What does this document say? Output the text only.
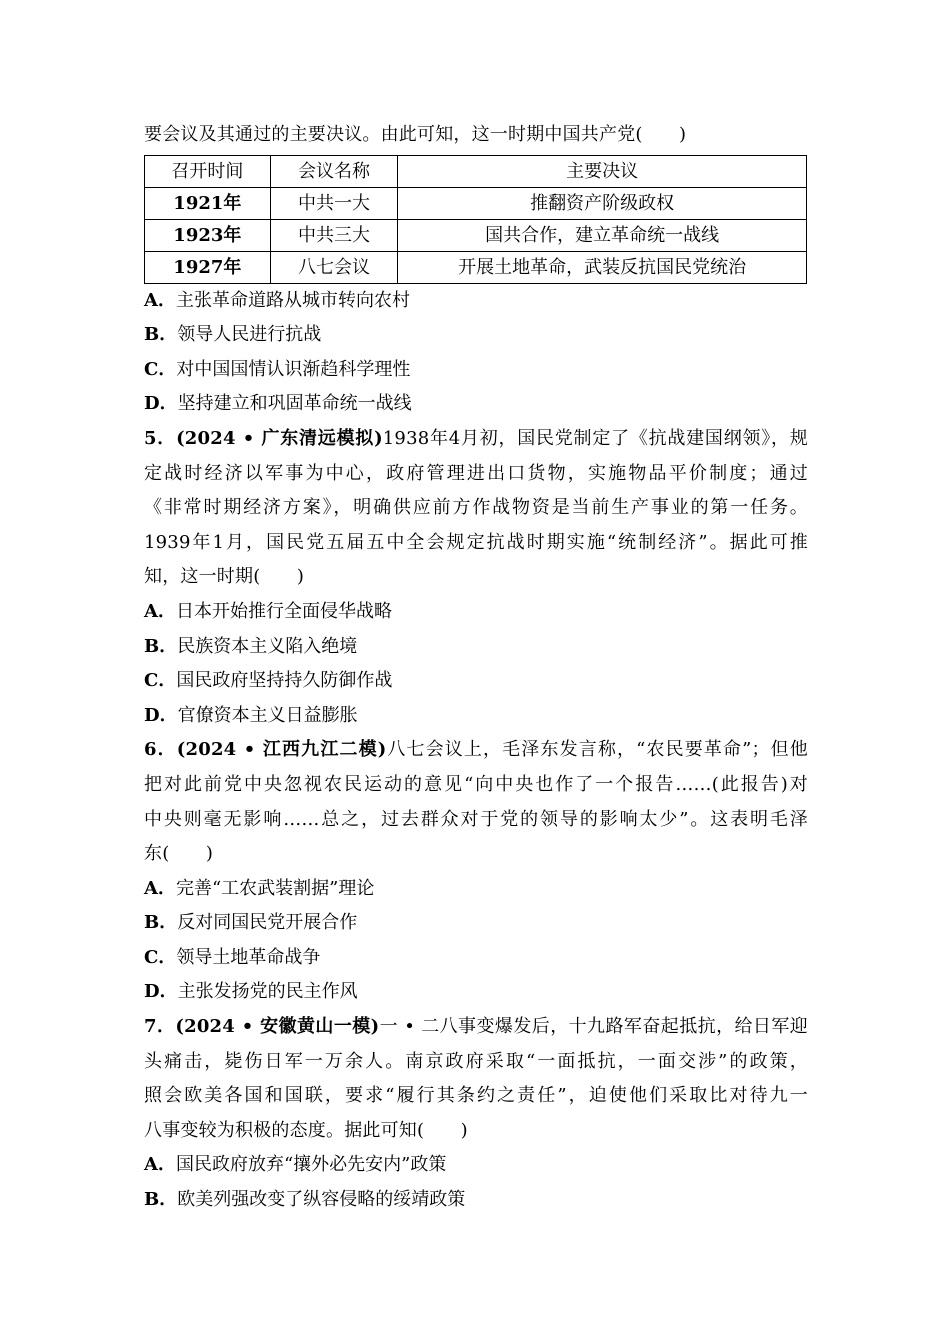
要会议及其通过的主要决议。由此可知，这一时期中国共产党(　　)
召开时间	会议名称	主要决议
1921年	中共一大	推翻资产阶级政权
1923年	中共三大	国共合作，建立革命统一战线
1927年	八七会议	开展土地革命，武装反抗国民党统治
A．主张革命道路从城市转向农村
B．领导人民进行抗战
C．对中国国情认识渐趋科学理性
D．坚持建立和巩固革命统一战线
5．(2024 • 广东清远模拟)1938年4月初，国民党制定了《抗战建国纲领》，规
定战时经济以军事为中心，政府管理进出口货物，实施物品平价制度；通过
《非常时期经济方案》，明确供应前方作战物资是当前生产事业的第一任务。
1939年1月，国民党五届五中全会规定抗战时期实施“统制经济”。据此可推
知，这一时期(　　)
A．日本开始推行全面侵华战略
B．民族资本主义陷入绝境
C．国民政府坚持持久防御作战
D．官僚资本主义日益膨胀
6．(2024 • 江西九江二模)八七会议上，毛泽东发言称，“农民要革命”；但他
把对此前党中央忽视农民运动的意见“向中央也作了一个报告……(此报告)对
中央则毫无影响……总之，过去群众对于党的领导的影响太少”。这表明毛泽
东(　　)
A．完善“工农武装割据”理论
B．反对同国民党开展合作
C．领导土地革命战争
D．主张发扬党的民主作风
7．(2024 • 安徽黄山一模)一 • 二八事变爆发后，十九路军奋起抵抗，给日军迎
头痛击，毙伤日军一万余人。南京政府采取“一面抵抗，一面交涉”的政策，
照会欧美各国和国联，要求“履行其条约之责任”，迫使他们采取比对待九一
八事变较为积极的态度。据此可知(　　)
A．国民政府放弃“攘外必先安内”政策
B．欧美列强改变了纵容侵略的绥靖政策
